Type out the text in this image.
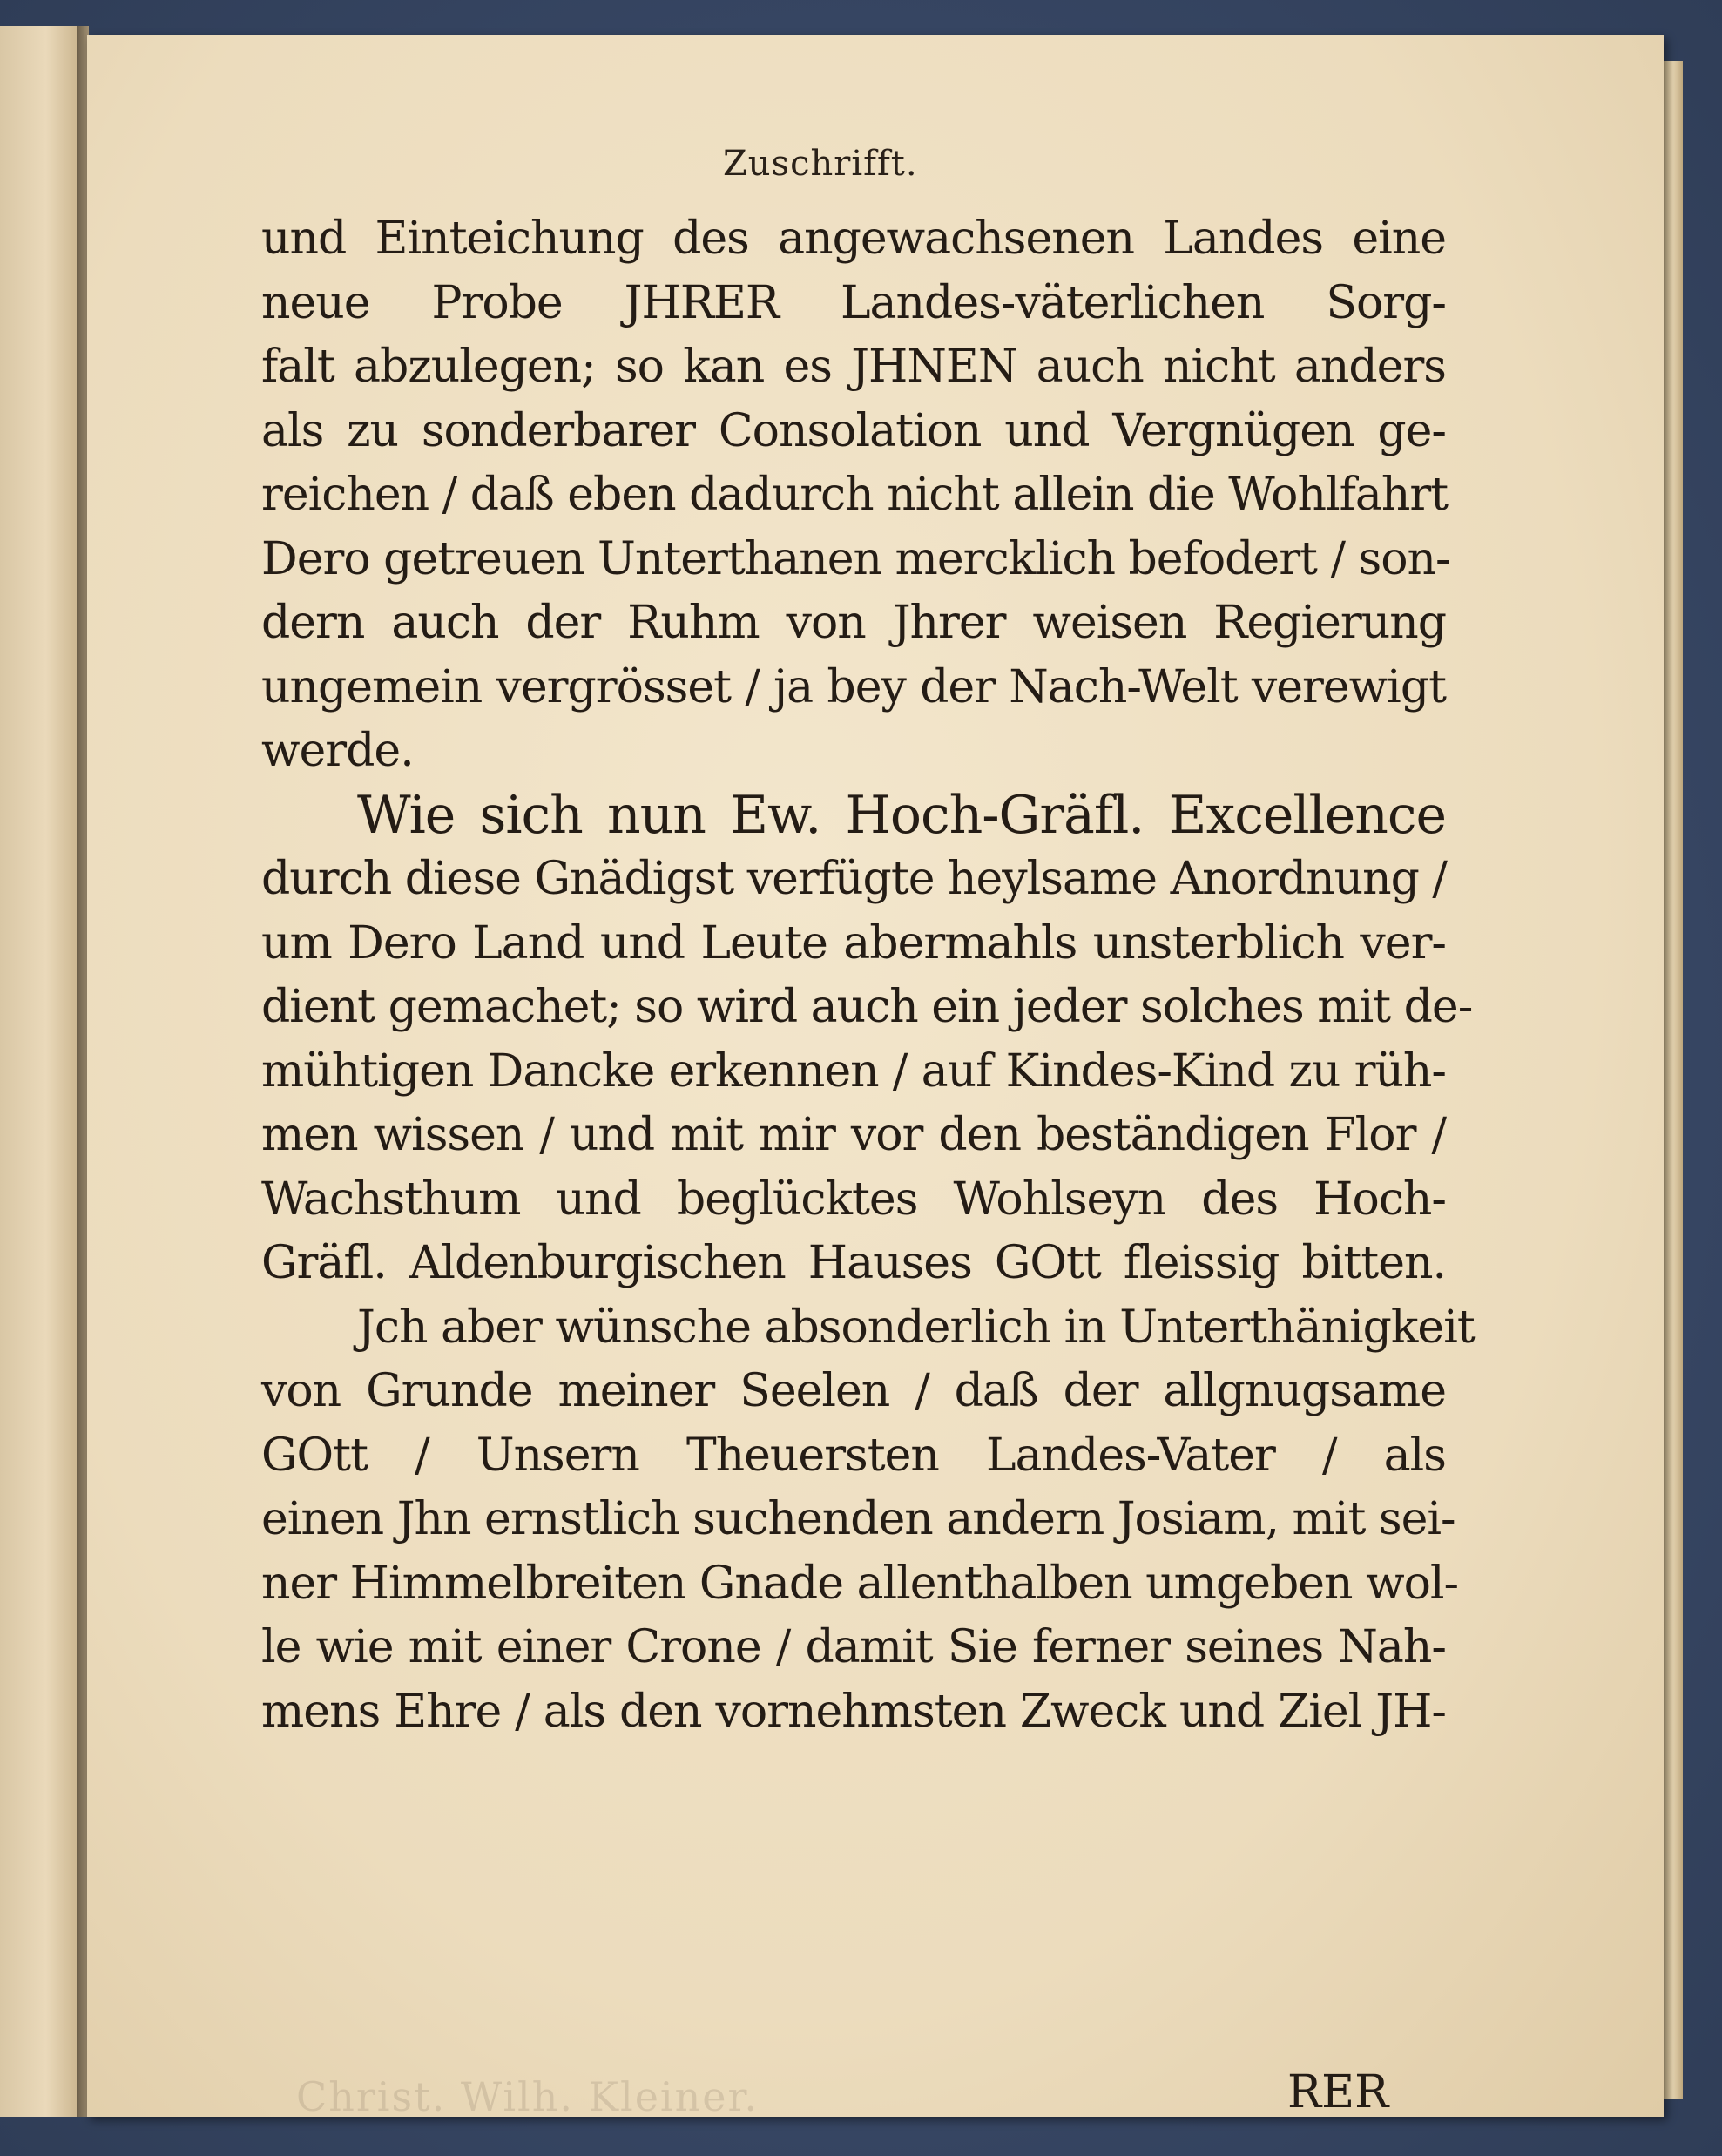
Zuschrifft.
und Einteichung des angewachsenen Landes eine
neue Probe JHRER Landes-väterlichen Sorg-
falt abzulegen; so kan es JHNEN auch nicht anders
als zu sonderbarer Consolation und Vergnügen ge-
reichen / daß eben dadurch nicht allein die Wohlfahrt
Dero getreuen Unterthanen mercklich befodert / son-
dern auch der Ruhm von Jhrer weisen Regierung
ungemein vergrösset / ja bey der Nach-Welt verewigt
werde.
Wie sich nun Ew. Hoch-Gräfl. Excellence
durch diese Gnädigst verfügte heylsame Anordnung /
um Dero Land und Leute abermahls unsterblich ver-
dient gemachet; so wird auch ein jeder solches mit de-
mühtigen Dancke erkennen / auf Kindes-Kind zu rüh-
men wissen / und mit mir vor den beständigen Flor /
Wachsthum und beglücktes Wohlseyn des Hoch-
Gräfl. Aldenburgischen Hauses GOtt fleissig bitten.
Jch aber wünsche absonderlich in Unterthänigkeit
von Grunde meiner Seelen / daß der allgnugsame
GOtt / Unsern Theuersten Landes-Vater / als
einen Jhn ernstlich suchenden andern Josiam, mit sei-
ner Himmelbreiten Gnade allenthalben umgeben wol-
le wie mit einer Crone / damit Sie ferner seines Nah-
mens Ehre / als den vornehmsten Zweck und Ziel JH-
Christ. Wilh. Kleiner.	RER
